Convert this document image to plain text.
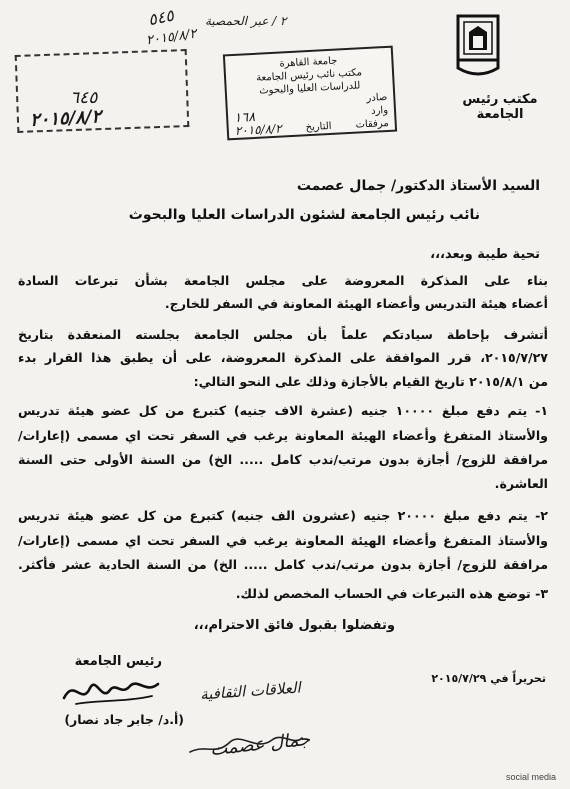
مكتب رئيس الجامعة
٢ / عبر الحمصية
٥٤٥
٢٠١٥/٨/٢
٦٤٥
٢٠١٥/٨/٢
جامعة القاهرة
مكتب نائب رئيس الجامعة
للدراسات العليا والبحوث
صادر
وارد
١٦٨	مرفقات
التاريخ
٢٠١٥/٨/٢
السيد الأستاذ الدكتور/ جمال عصمت
نائب رئيس الجامعة لشئون الدراسات العليا والبحوث
تحية طيبة وبعد،،،
بناء على المذكرة المعروضة على مجلس الجامعة بشأن تبرعات السادة
أعضاء هيئة التدريس وأعضاء الهيئة المعاونة في السفر للخارج.
أتشرف بإحاطة سيادتكم علماً بأن مجلس الجامعة بجلسته المنعقدة بتاريخ
٢٠١٥/٧/٢٧، قرر الموافقة على المذكرة المعروضة، على أن يطبق هذا القرار بدء
من ٢٠١٥/٨/١ تاريخ القيام بالأجازة وذلك على النحو التالي:
١- يتم دفع مبلغ ١٠٠٠٠ جنيه (عشرة الاف جنيه) كتبرع من كل عضو هيئة تدريس
والأستاذ المتفرغ وأعضاء الهيئة المعاونة يرغب في السفر تحت اي مسمى (إعارات/
مرافقة للزوج/ أجازة بدون مرتب/ندب كامل ..... الخ) من السنة الأولى حتى السنة
العاشرة.
٢- يتم دفع مبلغ ٢٠٠٠٠ جنيه (عشرون الف جنيه) كتبرع من كل عضو هيئة تدريس
والأستاذ المتفرغ وأعضاء الهيئة المعاونة يرغب في السفر تحت اي مسمى (إعارات/
مرافقة للزوج/ أجازة بدون مرتب/ندب كامل ..... الخ) من السنة الحادية عشر فأكثر.
٣- توضع هذه التبرعات في الحساب المخصص لذلك.
وتفضلوا بقبول فائق الاحترام،،،
رئيس الجامعة
(أ.د/ جابر جاد نصار)
تحريراً في ٢٠١٥/٧/٢٩
العلاقات الثقافية
جمال عصمت
social media
